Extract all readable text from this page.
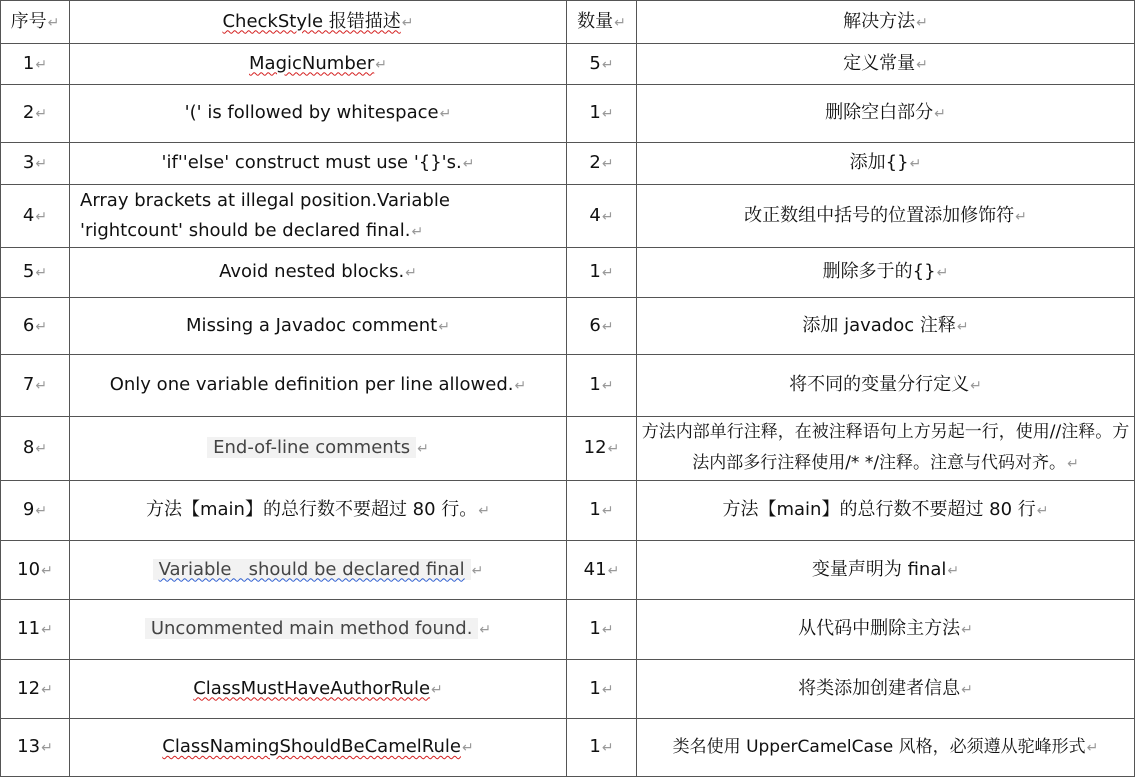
序号↵	CheckStyle 报错描述↵	数量↵	解决方法↵
1↵	MagicNumber↵	5↵	定义常量↵
2↵	'(' is followed by whitespace↵	1↵	删除空白部分↵
3↵	'if''else' construct must use '{}'s.↵	2↵	添加{}↵
4↵	Array brackets at illegal position.Variable 'rightcount' should be declared final.↵	4↵	改正数组中括号的位置添加修饰符↵
5↵	Avoid nested blocks.↵	1↵	删除多于的{}↵
6↵	Missing a Javadoc comment↵	6↵	添加 javadoc 注释↵
7↵	Only one variable definition per line allowed.↵	1↵	将不同的变量分行定义↵
8↵	End-of-line comments ↵	12↵	方法内部单行注释，在被注释语句上方另起一行，使用//注释。方法内部多行注释使用/* */注释。注意与代码对齐。↵
9↵	方法【main】的总行数不要超过 80 行。↵	1↵	方法【main】的总行数不要超过 80 行↵
10↵	Variable   should be declared final ↵	41↵	变量声明为 final↵
11↵	Uncommented main method found. ↵	1↵	从代码中删除主方法↵
12↵	ClassMustHaveAuthorRule↵	1↵	将类添加创建者信息↵
13↵	ClassNamingShouldBeCamelRule↵	1↵	类名使用 UpperCamelCase 风格，必须遵从驼峰形式↵
